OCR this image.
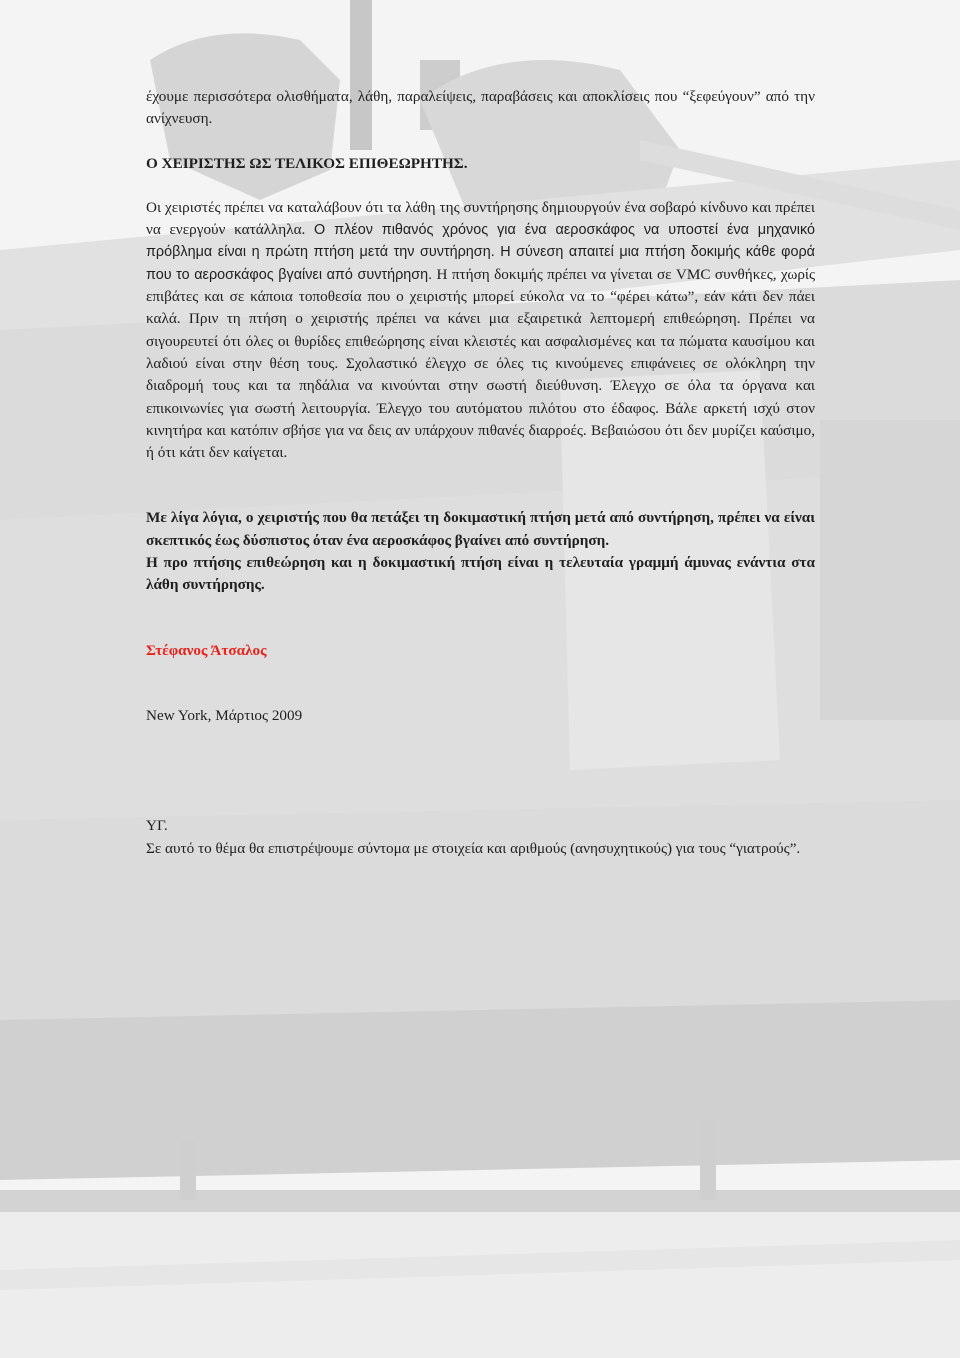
έχουμε περισσότερα ολισθήματα, λάθη, παραλείψεις, παραβάσεις και αποκλίσεις που “ξεφεύγουν” από την ανίχνευση.

Ο ΧΕΙΡΙΣΤΗΣ ΩΣ ΤΕΛΙΚΟΣ ΕΠΙΘΕΩΡΗΤΗΣ.

Οι χειριστές πρέπει να καταλάβουν ότι τα λάθη της συντήρησης δημιουργούν ένα σοβαρό κίνδυνο και πρέπει να ενεργούν κατάλληλα. Ο πλέον πιθανός χρόνος για ένα αεροσκάφος να υποστεί ένα μηχανικό πρόβλημα είναι η πρώτη πτήση μετά την συντήρηση. Η σύνεση απαιτεί μια πτήση δοκιμής κάθε φορά που το αεροσκάφος βγαίνει από συντήρηση. Η πτήση δοκιμής πρέπει να γίνεται σε VMC συνθήκες, χωρίς επιβάτες και σε κάποια τοποθεσία που ο χειριστής μπορεί εύκολα να το “φέρει κάτω”, εάν κάτι δεν πάει καλά. Πριν τη πτήση ο χειριστής πρέπει να κάνει μια εξαιρετικά λεπτομερή επιθεώρηση. Πρέπει να σιγουρευτεί ότι όλες οι θυρίδες επιθεώρησης είναι κλειστές και ασφαλισμένες και τα πώματα καυσίμου και λαδιού είναι στην θέση τους. Σχολαστικό έλεγχο σε όλες τις κινούμενες επιφάνειες σε ολόκληρη την διαδρομή τους και τα πηδάλια να κινούνται στην σωστή διεύθυνση. Έλεγχο σε όλα τα όργανα και επικοινωνίες για σωστή λειτουργία. Έλεγχο του αυτόματου πιλότου στο έδαφος. Βάλε αρκετή ισχύ στον κινητήρα και κατόπιν σβήσε για να δεις αν υπάρχουν πιθανές διαρροές. Βεβαιώσου ότι δεν μυρίζει καύσιμο, ή ότι κάτι δεν καίγεται.

Με λίγα λόγια, ο χειριστής που θα πετάξει τη δοκιμαστική πτήση μετά από συντήρηση, πρέπει να είναι σκεπτικός έως δύσπιστος όταν ένα αεροσκάφος βγαίνει από συντήρηση.

Η προ πτήσης επιθεώρηση και η δοκιμαστική πτήση είναι η τελευταία γραμμή άμυνας ενάντια στα λάθη συντήρησης.

Στέφανος Άτσαλος

New York, Μάρτιος 2009

ΥΓ.

Σε αυτό το θέμα θα επιστρέψουμε σύντομα με στοιχεία και αριθμούς (ανησυχητικούς) για τους “γιατρούς”.
